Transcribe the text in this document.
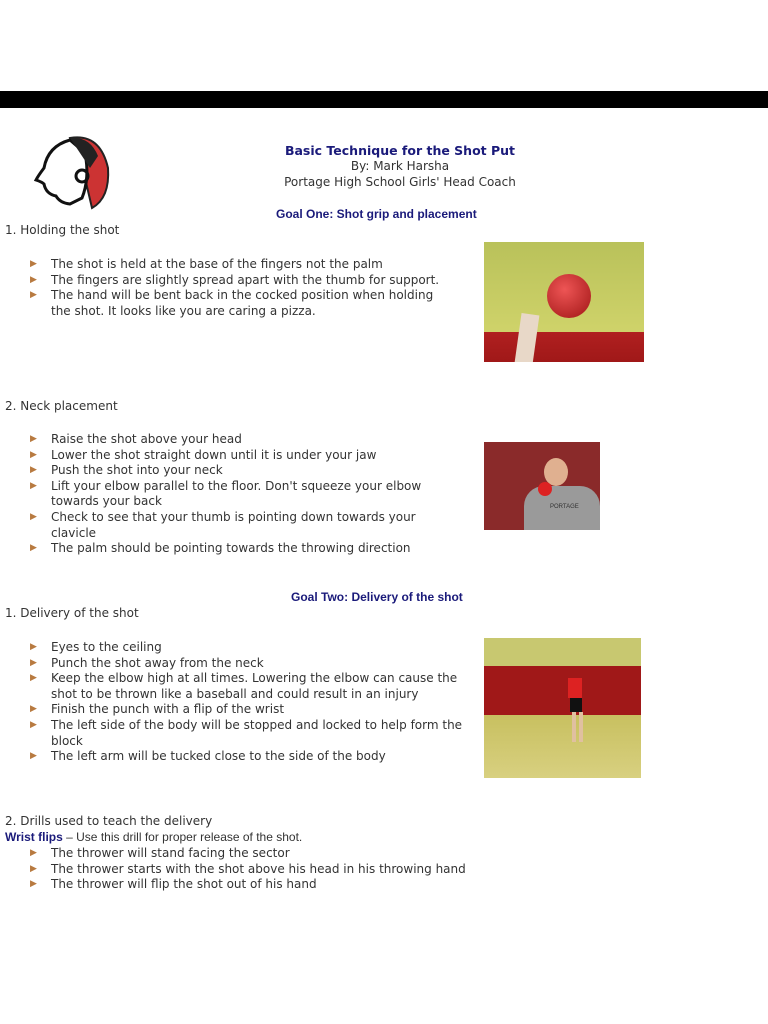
Basic Technique for the Shot Put
By: Mark Harsha
Portage High School Girls' Head Coach
Goal One: Shot grip and placement
1. Holding the shot
▶ The shot is held at the base of the fingers not the palm
▶ The fingers are slightly spread apart with the thumb for support.
▶ The hand will be bent back in the cocked position when holding the shot. It looks like you are caring a pizza.
2. Neck placement
▶ Raise the shot above your head
▶ Lower the shot straight down until it is under your jaw
▶ Push the shot into your neck
▶ Lift your elbow parallel to the floor. Don't squeeze your elbow towards your back
▶ Check to see that your thumb is pointing down towards your clavicle
▶ The palm should be pointing towards the throwing direction
PORTAGE
Goal Two: Delivery of the shot
1. Delivery of the shot
▶ Eyes to the ceiling
▶ Punch the shot away from the neck
▶ Keep the elbow high at all times. Lowering the elbow can cause the shot to be thrown like a baseball and could result in an injury
▶ Finish the punch with a flip of the wrist
▶ The left side of the body will be stopped and locked to help form the block
▶ The left arm will be tucked close to the side of the body
2. Drills used to teach the delivery
Wrist flips – Use this drill for proper release of the shot.
▶ The thrower will stand facing the sector
▶ The thrower starts with the shot above his head in his throwing hand
▶ The thrower will flip the shot out of his hand
